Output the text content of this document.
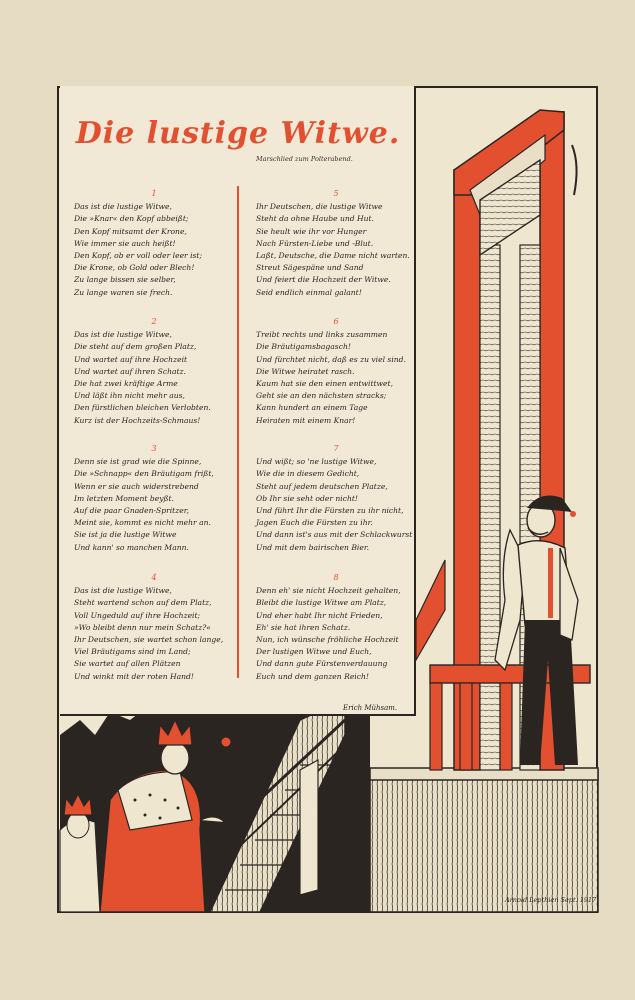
Die lustige Witwe.
Marschlied zum Polterabend.
1
Das ist die lustige Witwe,
Die »Knar« den Kopf abbeißt;
Den Kopf mitsamt der Krone,
Wie immer sie auch heißt!
Den Kopf, ob er voll oder leer ist;
Die Krone, ob Gold oder Blech!
Zu lange bissen sie selber,
Zu lange waren sie frech.
2
Das ist die lustige Witwe,
Die steht auf dem großen Platz,
Und wartet auf ihre Hochzeit
Und wartet auf ihren Schatz.
Die hat zwei kräftige Arme
Und läßt ihn nicht mehr aus,
Den fürstlichen bleichen Verlobten.
Kurz ist der Hochzeits-Schmaus!
3
Denn sie ist grad wie die Spinne,
Die »Schnapp« den Bräutigam frißt,
Wenn er sie auch widerstrebend
Im letzten Moment beyßt.
Auf die paar Gnaden-Spritzer,
Meint sie, kommt es nicht mehr an.
Sie ist ja die lustige Witwe
Und kann' so manchen Mann.
4
Das ist die lustige Witwe,
Steht wartend schon auf dem Platz,
Voll Ungeduld auf ihre Hochzeit;
»Wo bleibt denn nur mein Schatz?«
Ihr Deutschen, sie wartet schon lange,
Viel Bräutigams sind im Land;
Sie wartet auf allen Plätzen
Und winkt mit der roten Hand!
5
Ihr Deutschen, die lustige Witwe
Steht da ohne Haube und Hut.
Sie heult wie ihr vor Hunger
Nach Fürsten-Liebe und -Blut.
Laßt, Deutsche, die Dame nicht warten.
Streut Sägespäne und Sand
Und feiert die Hochzeit der Witwe.
Seid endlich einmal galant!
6
Treibt rechts und links zusammen
Die Bräutigamsbagasch!
Und fürchtet nicht, daß es zu viel sind.
Die Witwe heiratet rasch.
Kaum hat sie den einen entwittwet,
Geht sie an den nächsten stracks;
Kann hundert an einem Tage
Heiraten mit einem Knar!
7
Und wißt; so 'ne lustige Witwe,
Wie die in diesem Gedicht,
Steht auf jedem deutschen Platze,
Ob Ihr sie seht oder nicht!
Und führt Ihr die Fürsten zu ihr nicht,
Jagen Euch die Fürsten zu ihr.
Und dann ist's aus mit der Schlackwurst
Und mit dem bairischen Bier.
8
Denn eh' sie nicht Hochzeit gehalten,
Bleibt die lustige Witwe am Platz,
Und eher habt Ihr nicht Frieden,
Eh' sie hat ihren Schatz.
Nun, ich wünsche fröhliche Hochzeit
Der lustigen Witwe und Euch,
Und dann gute Fürstenverdauung
Euch und dem ganzen Reich!
Erich Mühsam.
Arnold Lepthien Sept. 1917
